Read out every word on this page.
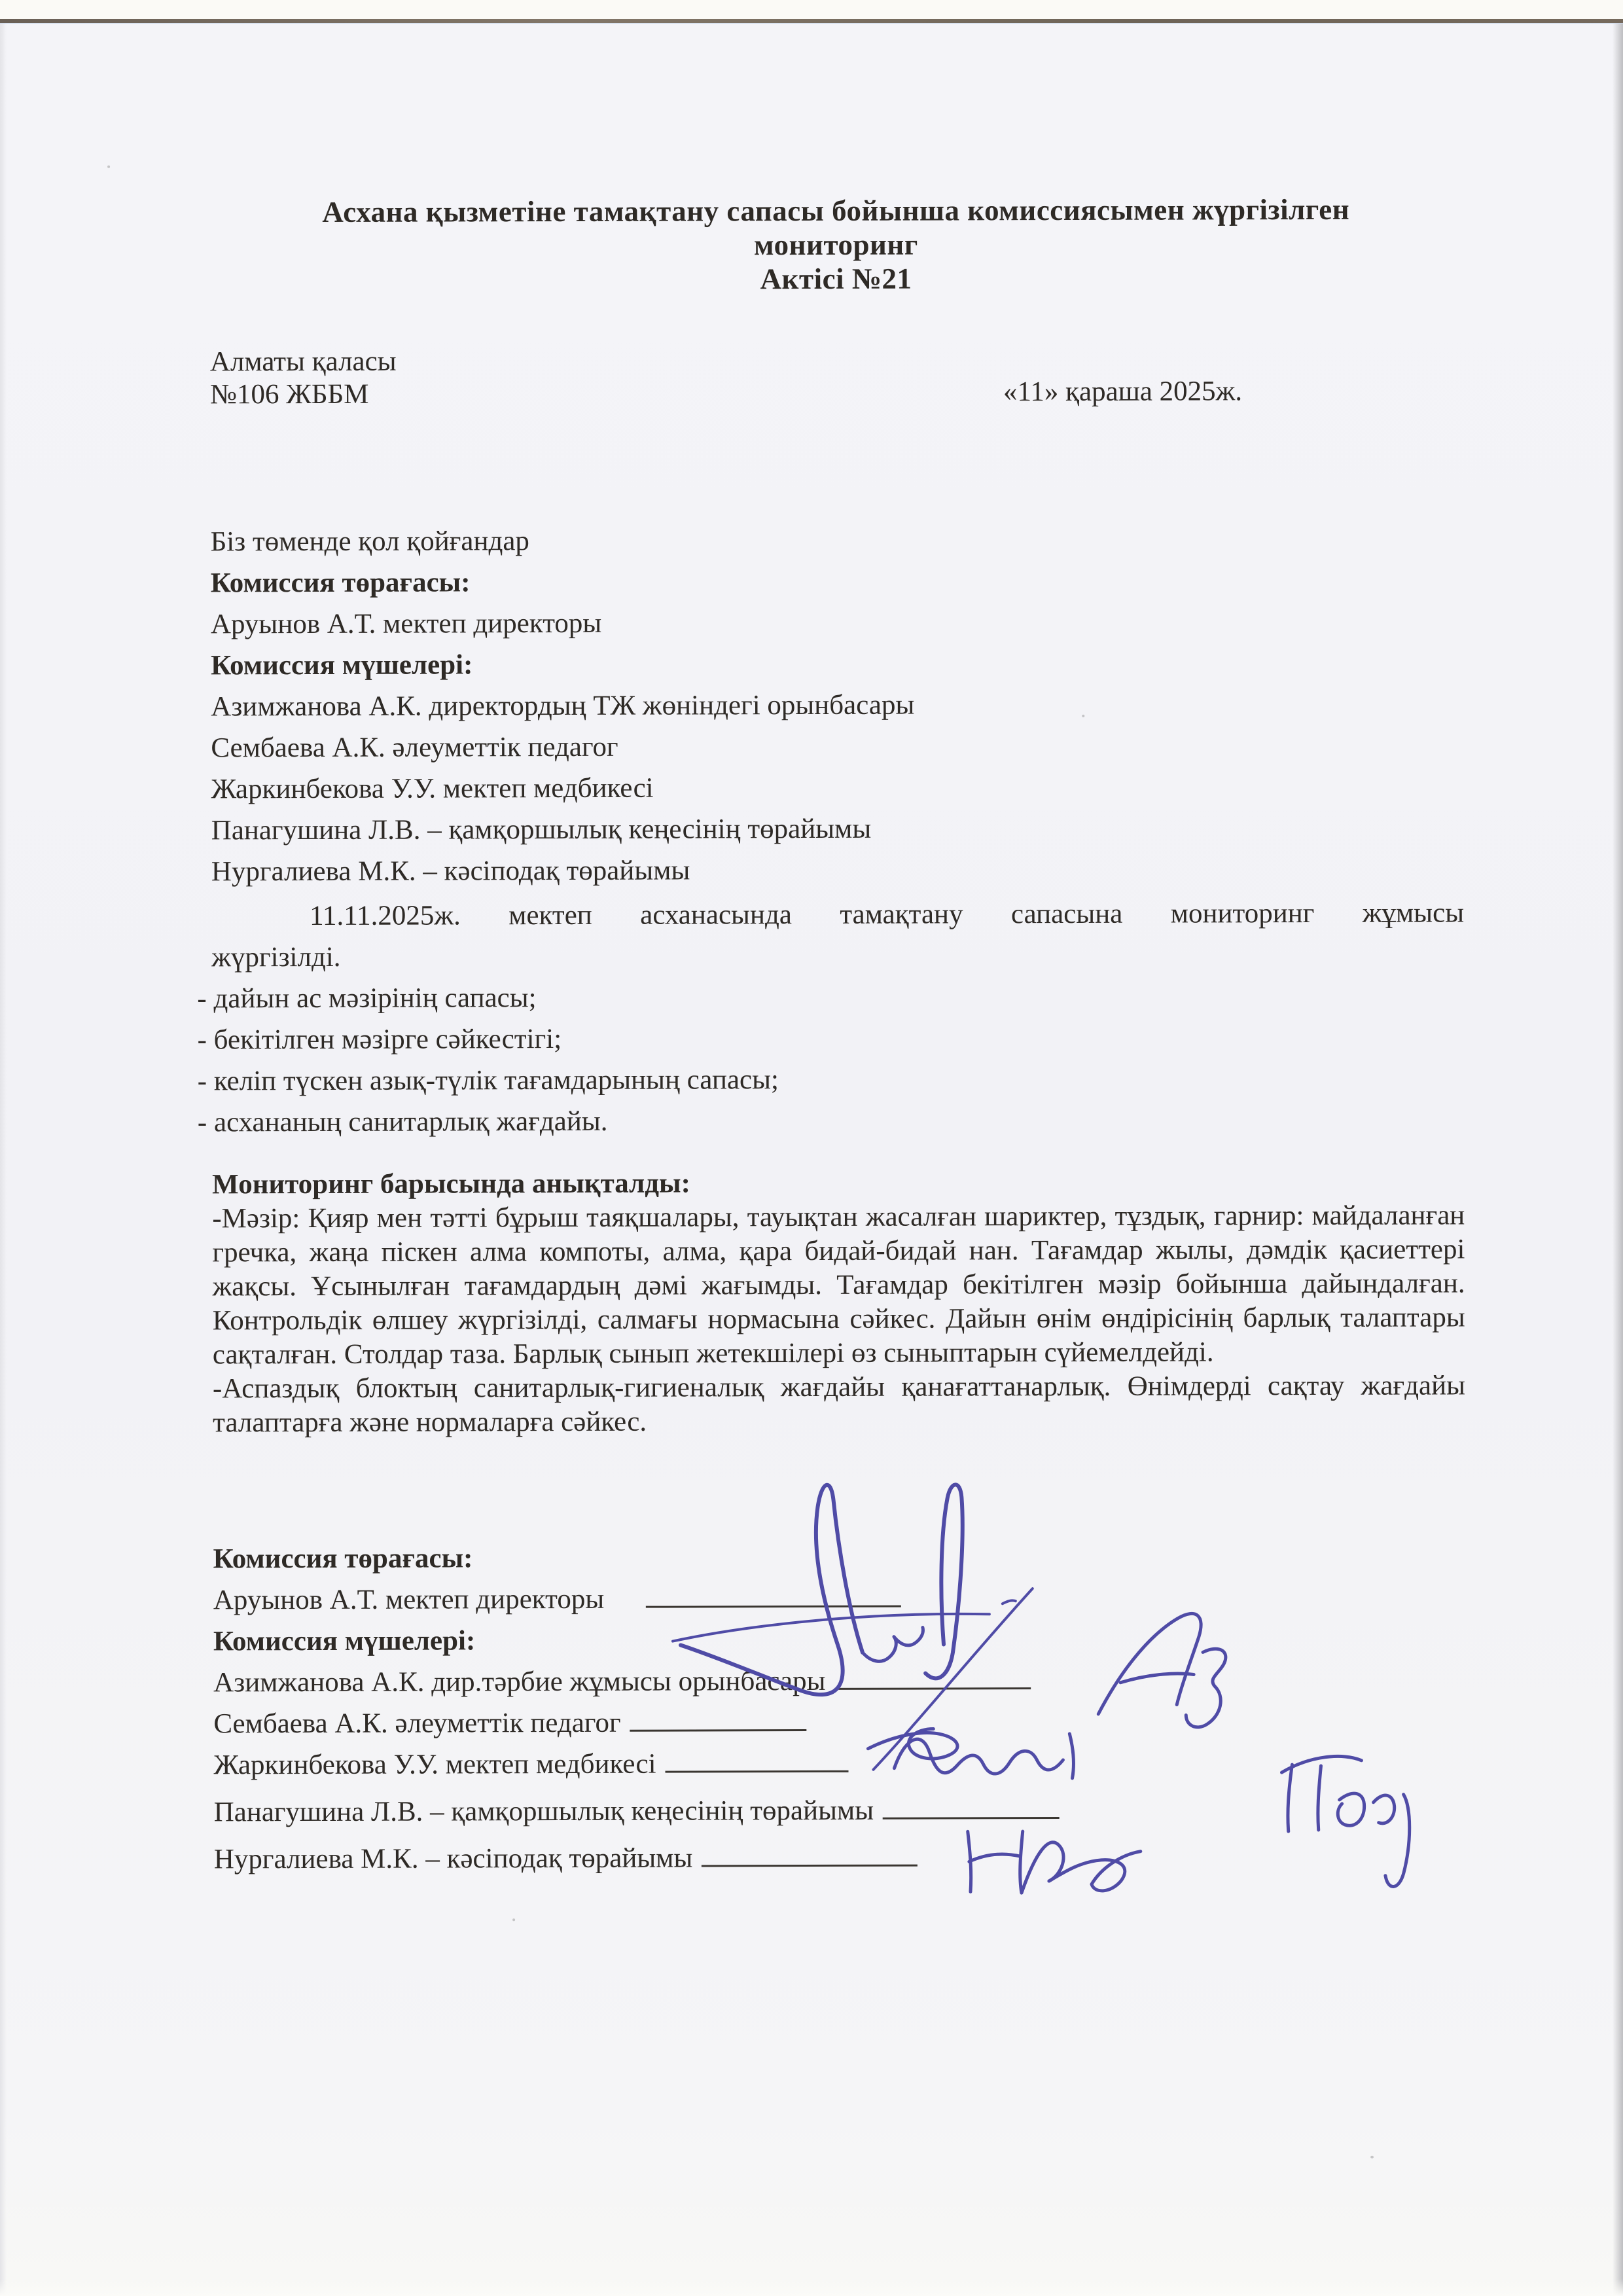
Асхана қызметіне тамақтану сапасы бойынша комиссиясымен жүргізілген
мониторинг
Актісі №21
Алматы қаласы
№106 ЖББМ	«11» қараша 2025ж.
Біз төменде қол қойғандар
Комиссия төрағасы:
Аруынов А.Т. мектеп директоры
Комиссия мүшелері:
Азимжанова А.К. директордың ТЖ жөніндегі орынбасары
Сембаева А.К. әлеуметтік педагог
Жаркинбекова У.У. мектеп медбикесі
Панагушина Л.В. – қамқоршылық кеңесінің төрайымы
Нургалиева М.К. – кәсіподақ төрайымы
11.11.2025ж. мектеп асханасында тамақтану сапасына мониторинг жұмысы
жүргізілді.
- дайын ас мәзірінің сапасы;
- бекітілген мәзірге сәйкестігі;
- келіп түскен азық-түлік тағамдарының сапасы;
- асхананың санитарлық жағдайы.
Мониторинг барысында анықталды:

-Мәзір: Қияр мен тәтті бұрыш таяқшалары, тауықтан жасалған шариктер, тұздық, гарнир: майдаланған гречка, жаңа піскен алма компоты, алма, қара бидай-бидай нан. Тағамдар жылы, дәмдік қасиеттері жақсы. Ұсынылған тағамдардың дәмі жағымды. Тағамдар бекітілген мәзір бойынша дайындалған. Контрольдік өлшеу жүргізілді, салмағы нормасына сәйкес. Дайын өнім өндірісінің барлық талаптары сақталған. Столдар таза. Барлық сынып жетекшілері өз сыныптарын сүйемелдейді.

-Аспаздық блоктың санитарлық-гигиеналық жағдайы қанағаттанарлық. Өнімдерді сақтау жағдайы талаптарға және нормаларға сәйкес.

Комиссия төрағасы:
Аруынов А.Т. мектеп директоры
Комиссия мүшелері:
Азимжанова А.К. дир.тәрбие жұмысы орынбасары
Сембаева А.К. әлеуметтік педагог
Жаркинбекова У.У. мектеп медбикесі
Панагушина Л.В. – қамқоршылық кеңесінің төрайымы
Нургалиева М.К. – кәсіподақ төрайымы
